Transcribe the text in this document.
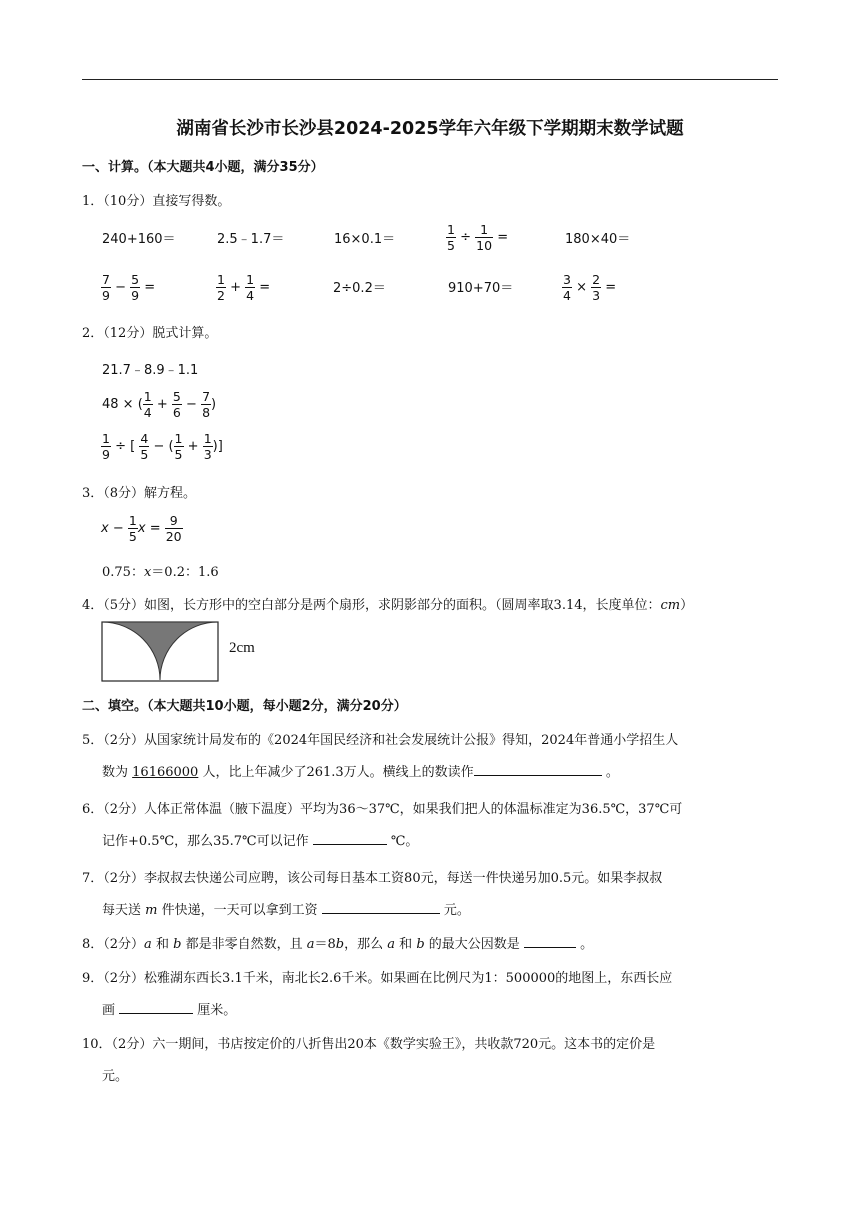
湖南省长沙市长沙县2024-2025学年六年级下学期期末数学试题
一、计算。（本大题共4小题，满分35分）
1．（10分）直接写得数。
240+160＝	2.5﹣1.7＝	16×0.1＝	$\frac{1}{5} \div \frac{1}{10}$ =	180×40＝
$\frac{7}{9} - \frac{5}{9}$ =	$\frac{1}{2} + \frac{1}{4}$ =	2÷0.2＝	910+70＝	$\frac{3}{4} \times \frac{2}{3}$ =
2．（12分）脱式计算。
21.7﹣8.9﹣1.1
48 × ( $\frac{1}{4} + \frac{5}{6} - \frac{7}{8}$ )
$\frac{1}{9}$ ÷ [ $\frac{4}{5}$ − ( $\frac{1}{5} + \frac{1}{3}$ )]
3．（8分）解方程。
$x - \frac{1}{5}$ $x = \frac{9}{20}$
0.75：x＝0.2：1.6
4．（5分）如图，长方形中的空白部分是两个扇形，求阴影部分的面积。（圆周率取3.14，长度单位：cm）
2cm
二、填空。（本大题共10小题，每小题2分，满分20分）
5．（2分）从国家统计局发布的《2024年国民经济和社会发展统计公报》得知，2024年普通小学招生人
数为 16166000 人，比上年减少了261.3万人。横线上的数读作	。
6．（2分）人体正常体温（腋下温度）平均为36～37℃，如果我们把人的体温标准定为36.5℃，37℃可
记作+0.5℃，那么35.7℃可以记作	℃。
7．（2分）李叔叔去快递公司应聘，该公司每日基本工资80元，每送一件快递另加0.5元。如果李叔叔
每天送 m 件快递，一天可以拿到工资	元。
8．（2分）a 和 b 都是非零自然数，且 a＝8b，那么 a 和 b 的最大公因数是	。
9．（2分）松雅湖东西长3.1千米，南北长2.6千米。如果画在比例尺为1：500000的地图上，东西长应
画	厘米。
10．（2分）六一期间，书店按定价的八折售出20本《数学实验王》，共收款720元。这本书的定价是
元。
